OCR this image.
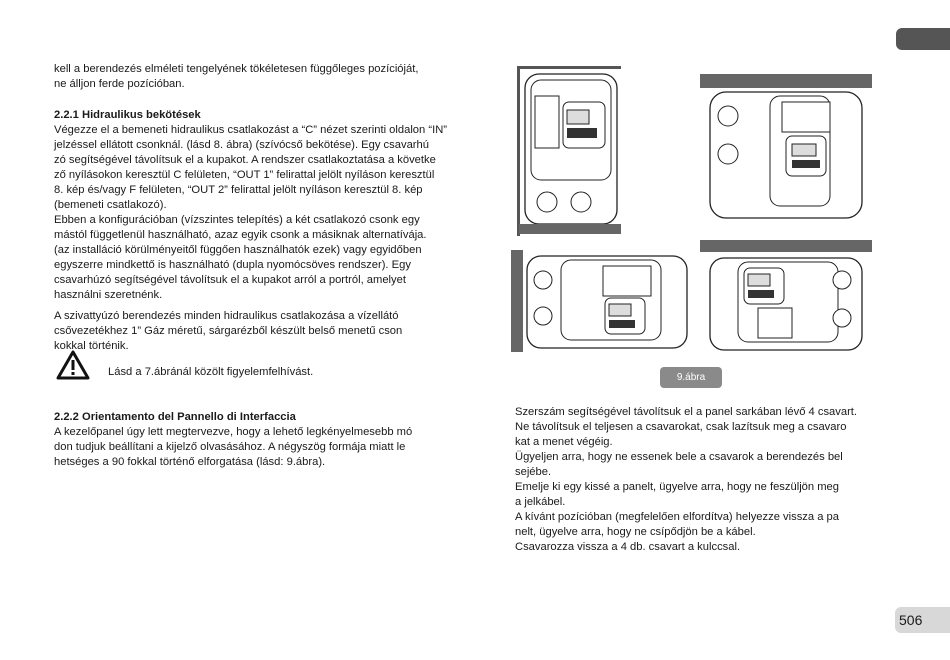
kell a berendezés elméleti tengelyének tökéletesen függőleges pozícióját,

ne álljon ferde pozícióban.

2.2.1 Hidraulikus bekötések

Végezze el a bemeneti hidraulikus csatlakozást a “C” nézet szerinti oldalon “IN”

jelzéssel ellátott csonknál. (lásd 8. ábra) (szívócső bekötése). Egy csavarhú

zó segítségével távolítsuk el a kupakot. A rendszer csatlakoztatása a követke

ző nyílásokon keresztül C felületen, “OUT 1” felirattal jelölt nyíláson keresztül

8. kép és/vagy F felületen, “OUT 2” felirattal jelölt nyíláson keresztül 8. kép

(bemeneti csatlakozó).

Ebben a konfigurációban (vízszintes telepítés) a két csatlakozó csonk egy

mástól függetlenül használható, azaz egyik csonk a másiknak alternatívája.

(az installáció körülményeitől függően használhatók ezek) vagy egyidőben

egyszerre mindkettő is használható (dupla nyomócsöves rendszer). Egy

csavarhúzó segítségével távolítsuk el a kupakot arról a portról, amelyet

használni szeretnénk.

A szivattyúzó berendezés minden hidraulikus csatlakozása a vízellátó

csővezetékhez 1” Gáz méretű, sárgarézből készült belső menetű cson

kokkal történik.

Lásd a 7.ábránál közölt figyelemfelhívást.

2.2.2 Orientamento del Pannello di Interfaccia

A kezelőpanel úgy lett megtervezve, hogy a lehető legkényelmesebb mó

don tudjuk beállítani a kijelző olvasásához. A négyszög formája miatt le

hetséges a 90 fokkal történő elforgatása (lásd: 9.ábra).

9.ábra

Szerszám segítségével távolítsuk el a panel sarkában lévő 4 csavart.

Ne távolítsuk el teljesen a csavarokat, csak lazítsuk meg a csavaro

kat a menet végéig.

Ügyeljen arra, hogy ne essenek bele a csavarok a berendezés bel

sejébe.

Emelje ki egy kissé a panelt, ügyelve arra, hogy ne feszüljön meg

a jelkábel.

A kívánt pozícióban (megfelelően elfordítva) helyezze vissza a pa

nelt, ügyelve arra, hogy ne csípődjön be a kábel.

Csavarozza vissza a 4 db. csavart a kulccsal.

506
